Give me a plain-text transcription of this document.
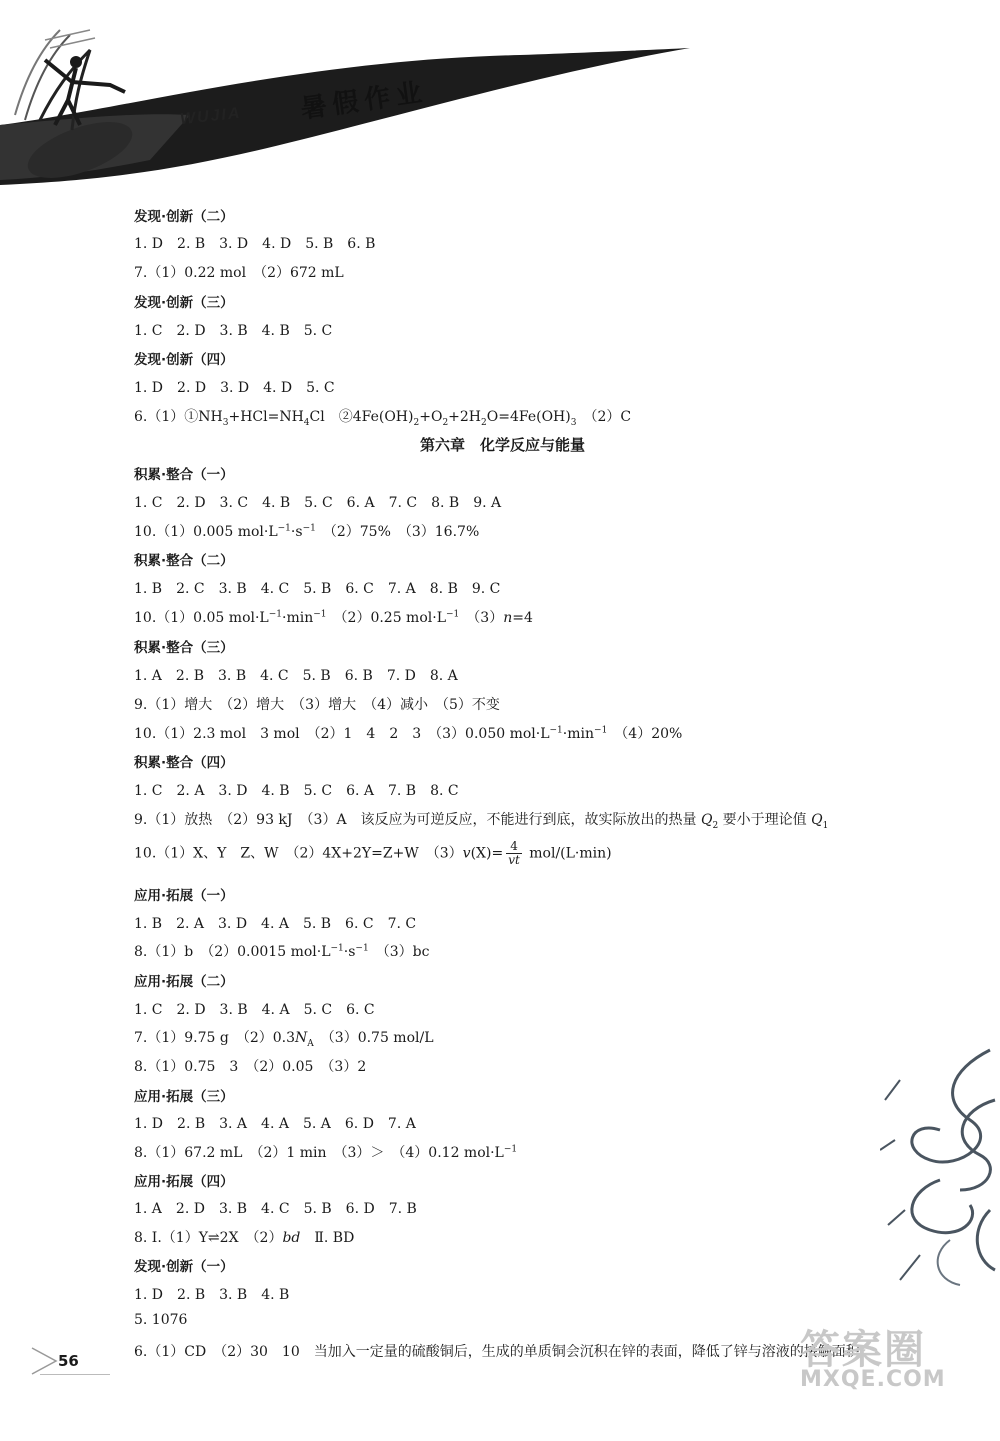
WUJIA 暑假作业
发现·创新（二）
1. D　2. B　3. D　4. D　5. B　6. B
7.（1）0.22 mol　（2）672 mL
发现·创新（三）
1. C　2. D　3. B　4. B　5. C
发现·创新（四）
1. D　2. D　3. D　4. D　5. C
$6.(1)①NH_3+HCl=NH_4Cl$　$②4Fe(OH)_2+O_2+2H_2O=4Fe(OH)_3$　（2）C
第六章　化学反应与能量
积累·整合（一）
1. C　2. D　3. C　4. B　5. C　6. A　7. C　8. B　9. A
10.（1）0.005 $mol\cdot L^{-1}\cdot s^{-1}$　（2）75%　（3）16.7%
积累·整合（二）
1. B　2. C　3. B　4. C　5. B　6. C　7. A　8. B　9. C
10.（1）0.05 $mol\cdot L^{-1}\cdot\min^{-1}$　（2）0.25 $mol\cdot L^{-1}$　（3）n=4
积累·整合（三）
1. A　2. B　3. B　4. C　5. B　6. B　7. D　8. A
9.（1）增大　（2）增大　（3）增大　（4）减小　（5）不变
10.（1）2.3 mol　3 mol　（2）1　4　2　3　（3）0.050 $mol\cdot L^{-1}\cdot\min^{-1}$　（4）20%
积累·整合（四）
1. C　2. A　3. D　4. B　5. C　6. A　7. B　8. C
9.（1）放热　（2）93 kJ　（3）A　该反应为可逆反应，不能进行到底，故实际放出的热量 $Q_2$ 要小于理论值 $Q_1$
10.（1）X、Y　Z、W　（2）4X+2Y=Z+W　$(3)v(X)= \frac{4}{vt} mol/(L\cdot\min)$
应用·拓展（一）
1. B　2. A　3. D　4. A　5. B　6. C　7. C
8.（1）b　（2）0.0015 $mol\cdot L^{-1}\cdot s^{-1}$　（3）bc
应用·拓展（二）
1. C　2. D　3. B　4. A　5. C　6. C
7.（1）9.75 g　$(2)0.3N_A$　（3）0.75 mol/L
8.（1）0.75　3　（2）0.05　（3）2
应用·拓展（三）
1. D　2. B　3. A　4. A　5. A　6. D　7. A
8.（1）67.2 mL　（2）1 min　（3）＞　（4）0.12 $mol\cdot L^{-1}$
应用·拓展（四）
1. A　2. D　3. B　4. C　5. B　6. D　7. B
8. Ⅰ.（1）Y⇌2X　（2）bd　Ⅱ. BD
发现·创新（一）
1. D　2. B　3. B　4. B
5. 1076
6.（1）CD　（2）30　10　当加入一定量的硫酸铜后，生成的单质铜会沉积在锌的表面，降低了锌与溶液的接触面积
56	答案圈
MXQE.COM
